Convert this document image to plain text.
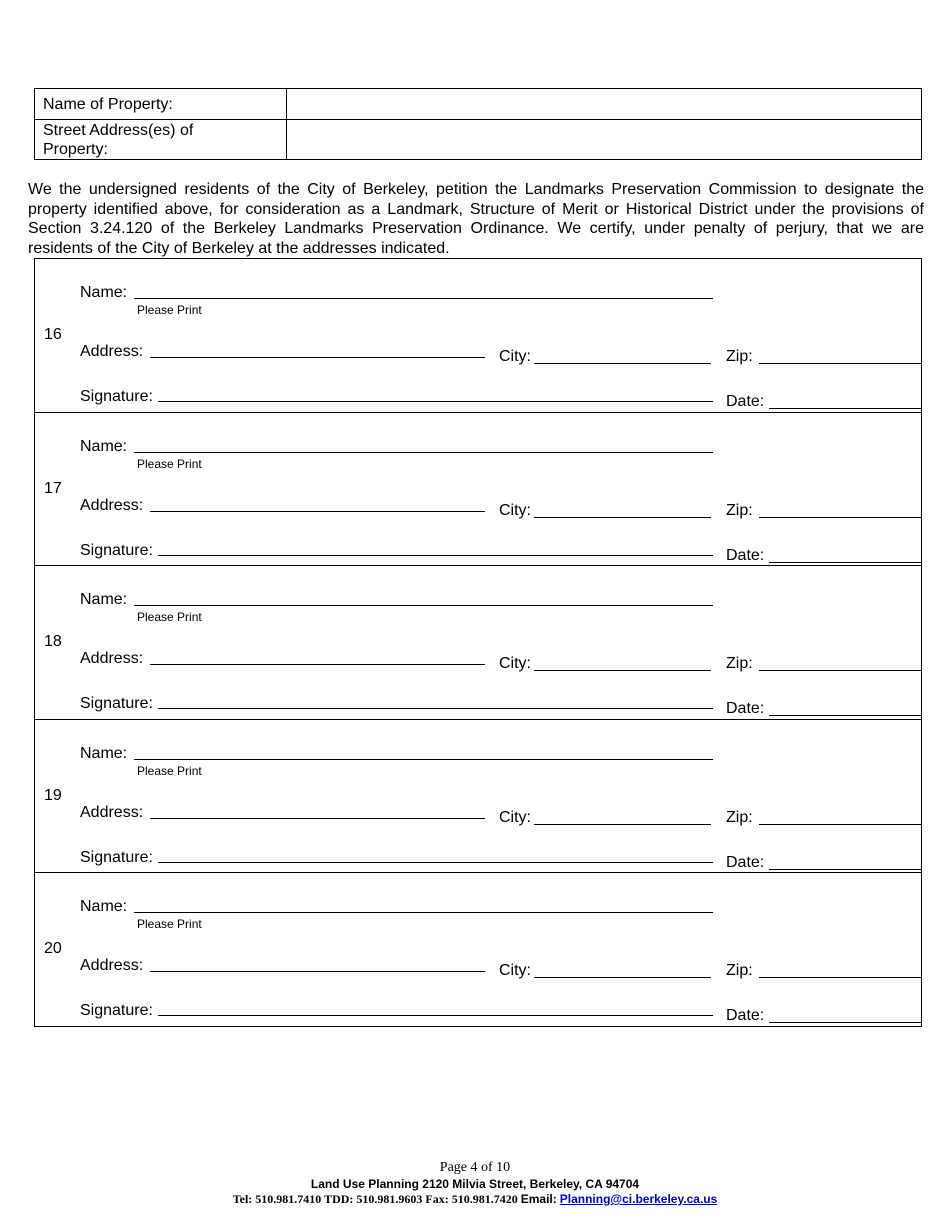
Name of Property:
Street Address(es) of Property:
We the undersigned residents of the City of Berkeley, petition the Landmarks Preservation Commission to designate the property identified above, for consideration as a Landmark, Structure of Merit or Historical District under the provisions of Section 3.24.120 of the Berkeley Landmarks Preservation Ordinance. We certify, under penalty of perjury, that we are residents of the City of Berkeley at the addresses indicated.
16
Name:
Please Print
Address:	City:	Zip:
Signature:	Date:
17
Name:
Please Print
Address:	City:	Zip:
Signature:	Date:
18
Name:
Please Print
Address:	City:	Zip:
Signature:	Date:
19
Name:
Please Print
Address:	City:	Zip:
Signature:	Date:
20
Name:
Please Print
Address:	City:	Zip:
Signature:	Date:
Page 4 of 10
Land Use Planning 2120 Milvia Street, Berkeley, CA 94704
Tel: 510.981.7410 TDD: 510.981.9603 Fax: 510.981.7420 Email: Planning@ci.berkeley.ca.us
